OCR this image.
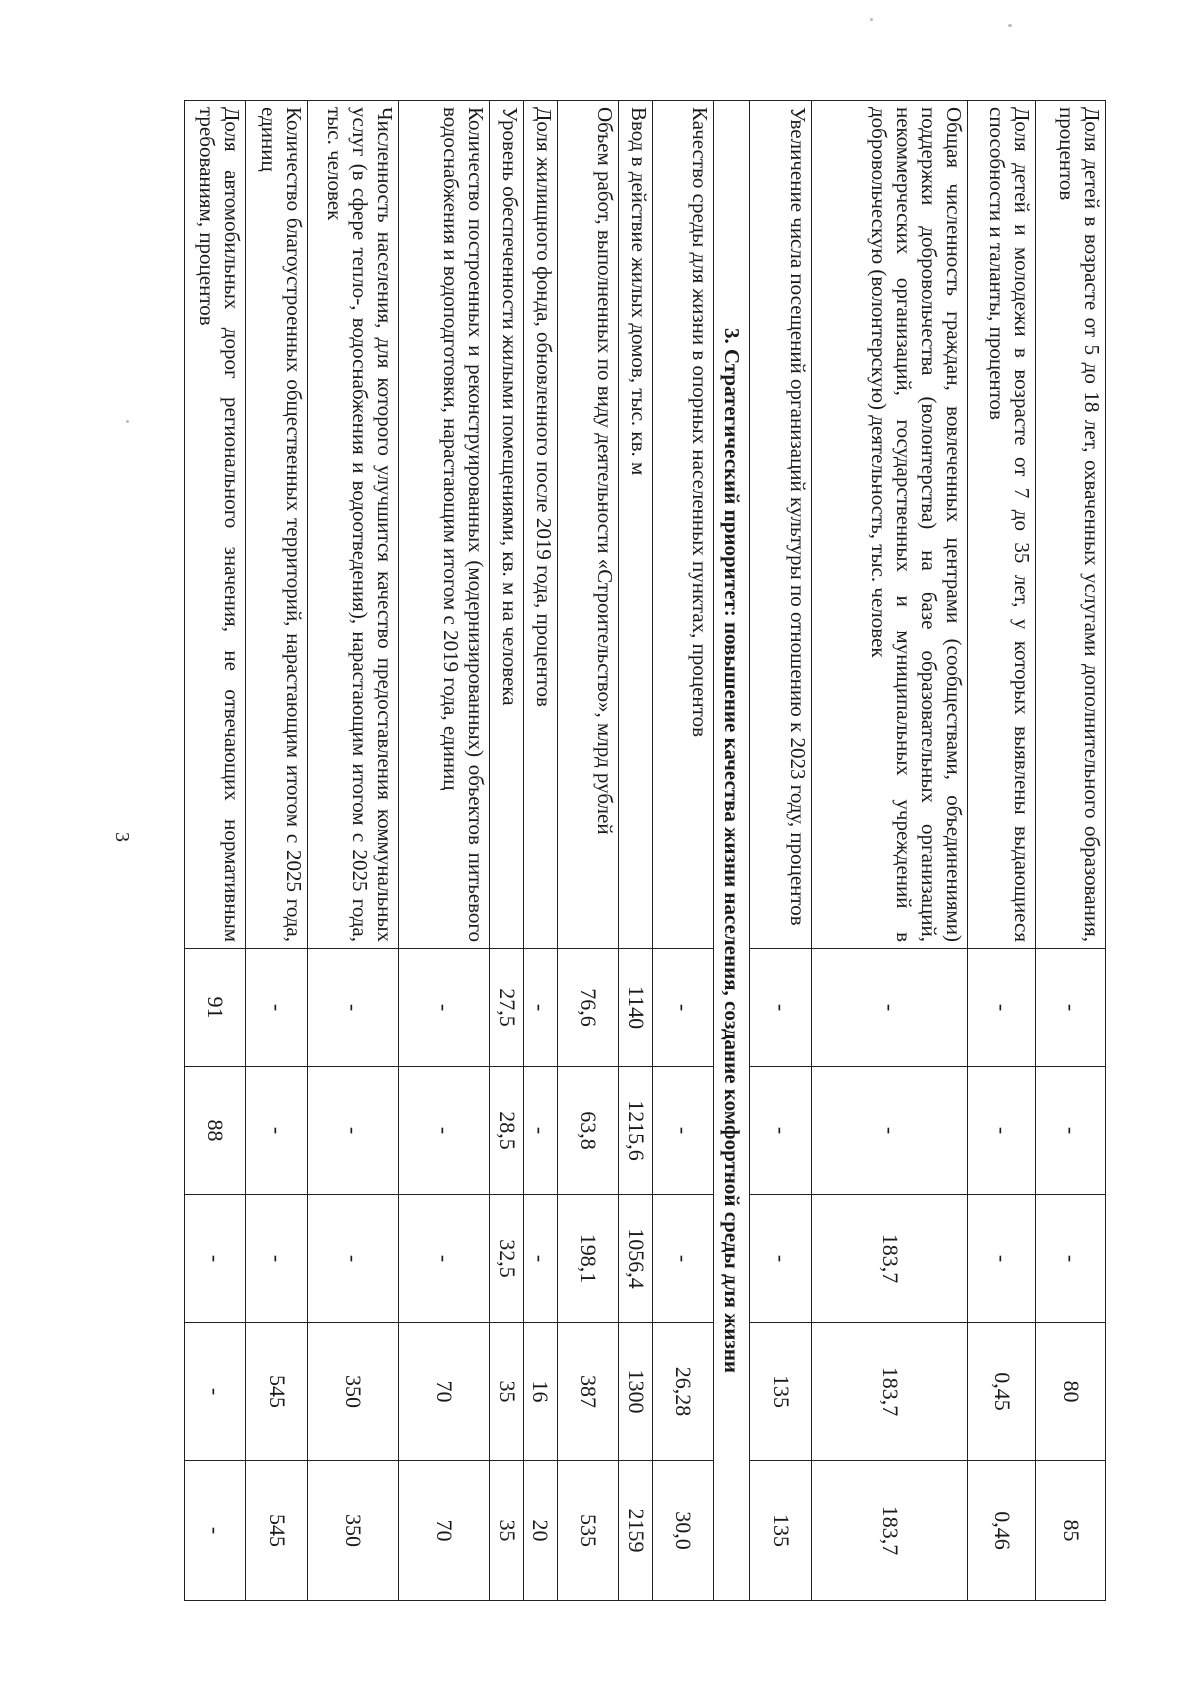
3	Доля детей в возрасте от 5 до 18 лет, охваченных услугами дополнительного образования, процентов	-	-	-	80	85
Доля детей и молодежи в возрасте от 7 до 35 лет, у которых выявлены выдающиеся способности и таланты, процентов	-	-	-	0,45	0,46
Общая численность граждан, вовлеченных центрами (сообществами, объединениями) поддержки добровольчества (волонтерства) на базе образовательных организаций, некоммерческих организаций, государственных и муниципальных учреждений в добровольческую (волонтерскую) деятельность, тыс. человек	-	-	183,7	183,7	183,7
Увеличение числа посещений организаций культуры по отношению к 2023 году, процентов	-	-	-	135	135
3. Стратегический приоритет: повышение качества жизни населения, создание комфортной среды для жизни					
Качество среды для жизни в опорных населенных пунктах, процентов	-	-	-	26,28	30,0
Ввод в действие жилых домов, тыс. кв. м	1140	1215,6	1056,4	1300	2159
Объем работ, выполненных по виду деятельности «Строительство», млрд рублей	76,6	63,8	198,1	387	535
Доля жилищного фонда, обновленного после 2019 года, процентов	-	-	-	16	20
Уровень обеспеченности жилыми помещениями, кв. м на человека	27,5	28,5	32,5	35	35
Количество построенных и реконструированных (модернизированных) объектов питьевого водоснабжения и водоподготовки, нарастающим итогом с 2019 года, единиц	-	-	-	70	70
Численность населения, для которого улучшится качество предоставления коммунальных услуг (в сфере тепло-, водоснабжения и водоотведения), нарастающим итогом с 2025 года, тыс. человек	-	-	-	350	350
Количество благоустроенных общественных территорий, нарастающим итогом с 2025 года, единиц	-	-	-	545	545
Доля автомобильных дорог регионального значения, не отвечающих нормативным требованиям, процентов	91	88	-	-	-
